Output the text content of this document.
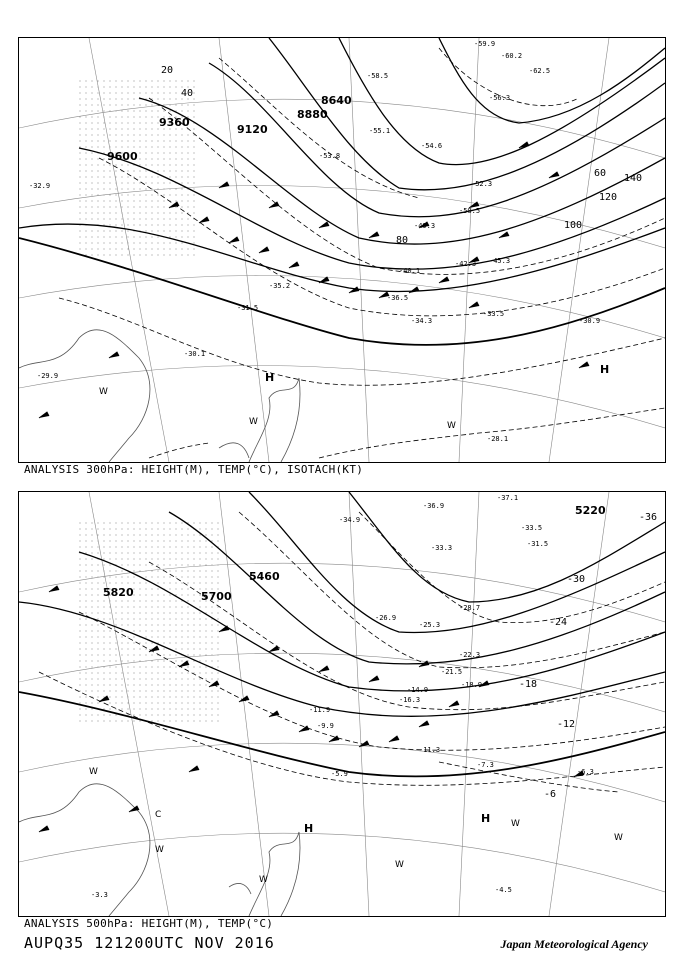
9600
9360
9120
8880
8640
20
40
60
80
100
120
140
-59.9
-60.2
-62.5
-58.5
-56.3
-55.1
-54.6
-53.8
-52.3
-50.5
-49.3
-45.3
-42.3
-40.1
-36.5
-35.2
-34.3
-33.5
-32.9
-31.5
-30.9
-30.1
-29.9
-28.1
H
H
W
W	W
ANALYSIS 300hPa: HEIGHT(M), TEMP(°C), ISOTACH(KT)
5220
5460
5700
5820
-36
-30
-24
-18
-12
-6
-37.1
-36.9
-34.9
-33.5
-33.3	-31.5
-28.7
-26.9
-25.3
-22.3
-21.5
-18.9
-16.3
-14.9
-11.9
-11.3
-9.9
-7.3
-6.3
-5.9
-4.5
-3.3
H
H
C
W
W
W
W
W
W
ANALYSIS 500hPa: HEIGHT(M), TEMP(°C)
AUPQ35 121200UTC NOV 2016	Japan Meteorological Agency
